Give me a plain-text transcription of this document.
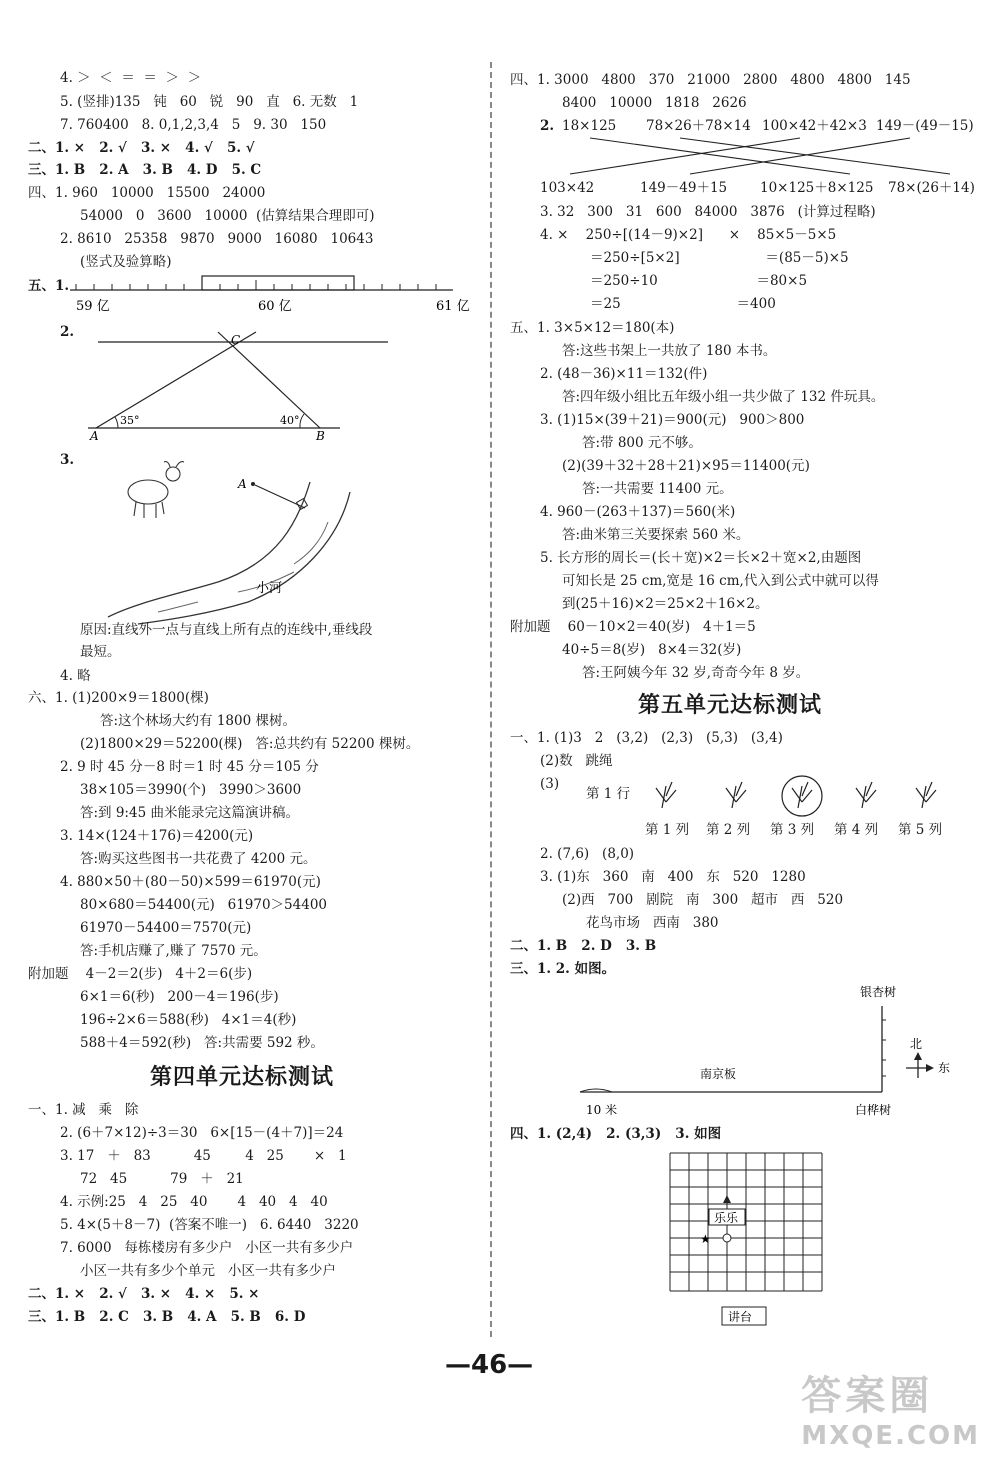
4. ＞  ＜  ＝  ＝  ＞  ＞
5. (竖排)135   钝   60   锐   90   直   6. 无数   1
7. 760400   8. 0,1,2,3,4   5   9. 30   150
二、1. ×   2. √   3. ×   4. √   5. √
三、1. B   2. A   3. B   4. D   5. C
四、1. 960   10000   15500   24000
54000   0   3600   10000  (估算结果合理即可)
2. 8610   25358   9870   9000   16080   10643
(竖式及验算略)
五、1.
59 亿	60 亿	61 亿
2.	C
A	B
35°	40°
3.
A
小河
原因:直线外一点与直线上所有点的连线中,垂线段
最短。
4. 略
六、1. (1)200×9＝1800(棵)
答:这个林场大约有 1800 棵树。
(2)1800×29＝52200(棵)   答:总共约有 52200 棵树。
2. 9 时 45 分－8 时＝1 时 45 分＝105 分
38×105＝3990(个)   3990＞3600
答:到 9:45 曲米能录完这篇演讲稿。
3. 14×(124＋176)＝4200(元)
答:购买这些图书一共花费了 4200 元。
4. 880×50＋(80－50)×599＝61970(元)
80×680＝54400(元)   61970＞54400
61970－54400＝7570(元)
答:手机店赚了,赚了 7570 元。
附加题    4－2＝2(步)   4＋2＝6(步)
6×1＝6(秒)   200－4＝196(步)
196÷2×6＝588(秒)   4×1＝4(秒)
588＋4＝592(秒)   答:共需要 592 秒。
第四单元达标测试
一、1. 减   乘   除
2. (6＋7×12)÷3＝30   6×[15－(4＋7)]＝24
3. 17   ＋   83          45        4   25       ×   1
72   45          79   ＋   21
4. 示例:25   4   25   40       4   40   4   40
5. 4×(5＋8－7)  (答案不唯一)   6. 6440   3220
7. 6000   每栋楼房有多少户   小区一共有多少户
小区一共有多少个单元   小区一共有多少户
二、1. ×   2. √   3. ×   4. ×   5. ×
三、1. B   2. C   3. B   4. A   5. B   6. D
四、1. 3000   4800   370   21000   2800   4800   4800   145
8400   10000   1818   2626
2. 18×125 78×26＋78×14 100×42＋42×3 149－(49－15)
103×42	149－49＋15 10×125＋8×125 78×(26＋14)
3. 32   300   31   600   84000   3876   (计算过程略)
4. ×    250÷[(14－9)×2]      ×    85×5－5×5
＝250÷[5×2]                    ＝(85－5)×5
＝250÷10                       ＝80×5
＝25                           ＝400
五、1. 3×5×12＝180(本)
答:这些书架上一共放了 180 本书。
2. (48－36)×11＝132(件)
答:四年级小组比五年级小组一共少做了 132 件玩具。
3. (1)15×(39＋21)＝900(元)   900＞800
答:带 800 元不够。
(2)(39＋32＋28＋21)×95＝11400(元)
答:一共需要 11400 元。
4. 960－(263＋137)＝560(米)
答:曲米第三关要探索 560 米。
5. 长方形的周长＝(长＋宽)×2＝长×2＋宽×2,由题图
可知长是 25 cm,宽是 16 cm,代入到公式中就可以得
到(25＋16)×2＝25×2＋16×2。
附加题    60－10×2＝40(岁)   4＋1＝5
40÷5＝8(岁)   8×4＝32(岁)
答:王阿姨今年 32 岁,奇奇今年 8 岁。
第五单元达标测试
一、1. (1)3   2   (3,2)   (2,3)   (5,3)   (3,4)
(2)数   跳绳
(3)
第 1 行
第 1 列 第 2 列 第 3 列 第 4 列 第 5 列
2. (7,6)   (8,0)
3. (1)东   360   南   400   东   520   1280
(2)西   700   剧院   南   300   超市   西   520
花鸟市场   西南   380
二、1. B   2. D   3. B
三、1. 2. 如图。
银杏树
南京板
10 米	白桦树
北
东
四、1. (2,4)   2. (3,3)   3. 如图
乐乐
★
讲台
—46—
答案圈
MXQE.COM
